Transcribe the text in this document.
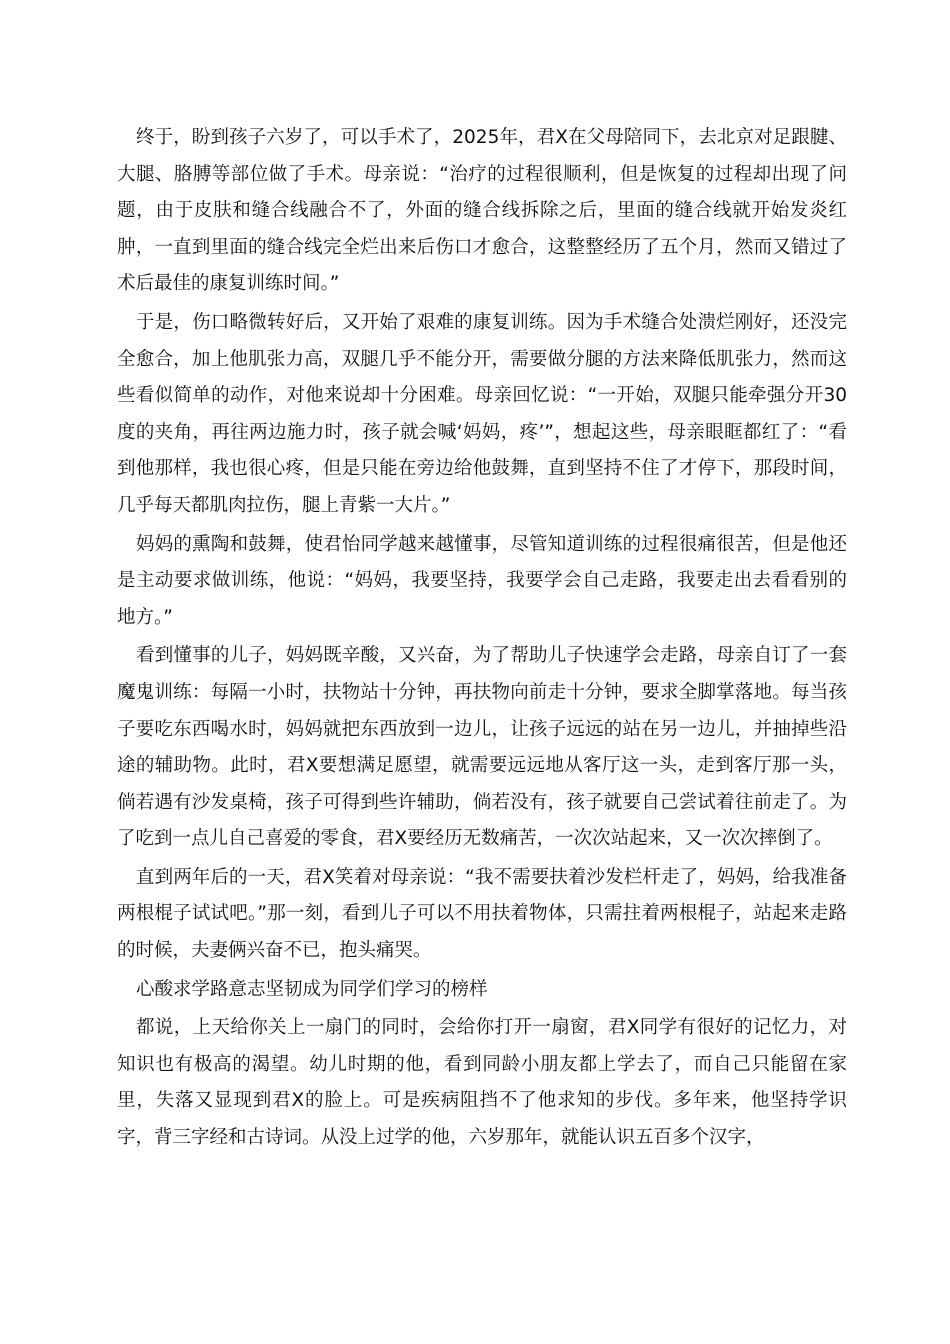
终于，盼到孩子六岁了，可以手术了，2025年，君X在父母陪同下，去北京对足跟腱、大腿、胳膊等部位做了手术。母亲说：“治疗的过程很顺利，但是恢复的过程却出现了问题，由于皮肤和缝合线融合不了，外面的缝合线拆除之后，里面的缝合线就开始发炎红肿，一直到里面的缝合线完全烂出来后伤口才愈合，这整整经历了五个月，然而又错过了术后最佳的康复训练时间。”

于是，伤口略微转好后，又开始了艰难的康复训练。因为手术缝合处溃烂刚好，还没完全愈合，加上他肌张力高，双腿几乎不能分开，需要做分腿的方法来降低肌张力，然而这些看似简单的动作，对他来说却十分困难。母亲回忆说：“一开始，双腿只能牵强分开30度的夹角，再往两边施力时，孩子就会喊‘妈妈，疼’”，想起这些，母亲眼眶都红了：“看到他那样，我也很心疼，但是只能在旁边给他鼓舞，直到坚持不住了才停下，那段时间，几乎每天都肌肉拉伤，腿上青紫一大片。”

妈妈的熏陶和鼓舞，使君怡同学越来越懂事，尽管知道训练的过程很痛很苦，但是他还是主动要求做训练，他说：“妈妈，我要坚持，我要学会自己走路，我要走出去看看别的地方。”

看到懂事的儿子，妈妈既辛酸，又兴奋，为了帮助儿子快速学会走路，母亲自订了一套魔鬼训练：每隔一小时，扶物站十分钟，再扶物向前走十分钟，要求全脚掌落地。每当孩子要吃东西喝水时，妈妈就把东西放到一边儿，让孩子远远的站在另一边儿，并抽掉些沿途的辅助物。此时，君X要想满足愿望，就需要远远地从客厅这一头，走到客厅那一头，倘若遇有沙发桌椅，孩子可得到些许辅助，倘若没有，孩子就要自己尝试着往前走了。为了吃到一点儿自己喜爱的零食，君X要经历无数痛苦，一次次站起来，又一次次摔倒了。

直到两年后的一天，君X笑着对母亲说：“我不需要扶着沙发栏杆走了，妈妈，给我准备两根棍子试试吧。”那一刻，看到儿子可以不用扶着物体，只需拄着两根棍子，站起来走路的时候，夫妻俩兴奋不已，抱头痛哭。

心酸求学路意志坚韧成为同学们学习的榜样

都说，上天给你关上一扇门的同时，会给你打开一扇窗，君X同学有很好的记忆力，对知识也有极高的渴望。幼儿时期的他，看到同龄小朋友都上学去了，而自己只能留在家里，失落又显现到君X的脸上。可是疾病阻挡不了他求知的步伐。多年来，他坚持学识字，背三字经和古诗词。从没上过学的他，六岁那年，就能认识五百多个汉字，
